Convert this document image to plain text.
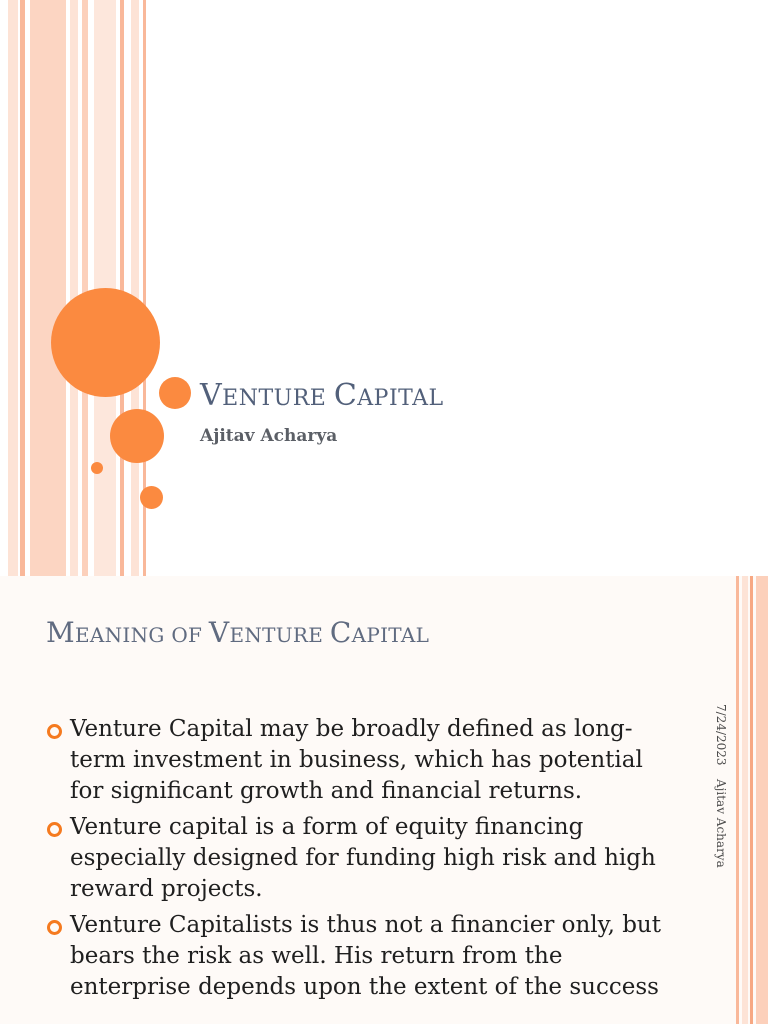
VENTURE CAPITAL
Ajitav Acharya
MEANING OF VENTURE CAPITAL
Venture Capital may be broadly defined as long-term investment in business, which has potential for significant growth and financial returns.
Venture capital is a form of equity financing especially designed for funding high risk and high reward projects.
Venture Capitalists is thus not a financier only, but bears the risk as well. His return from the enterprise depends upon the extent of the success
7/24/2023
Ajitav Acharya
